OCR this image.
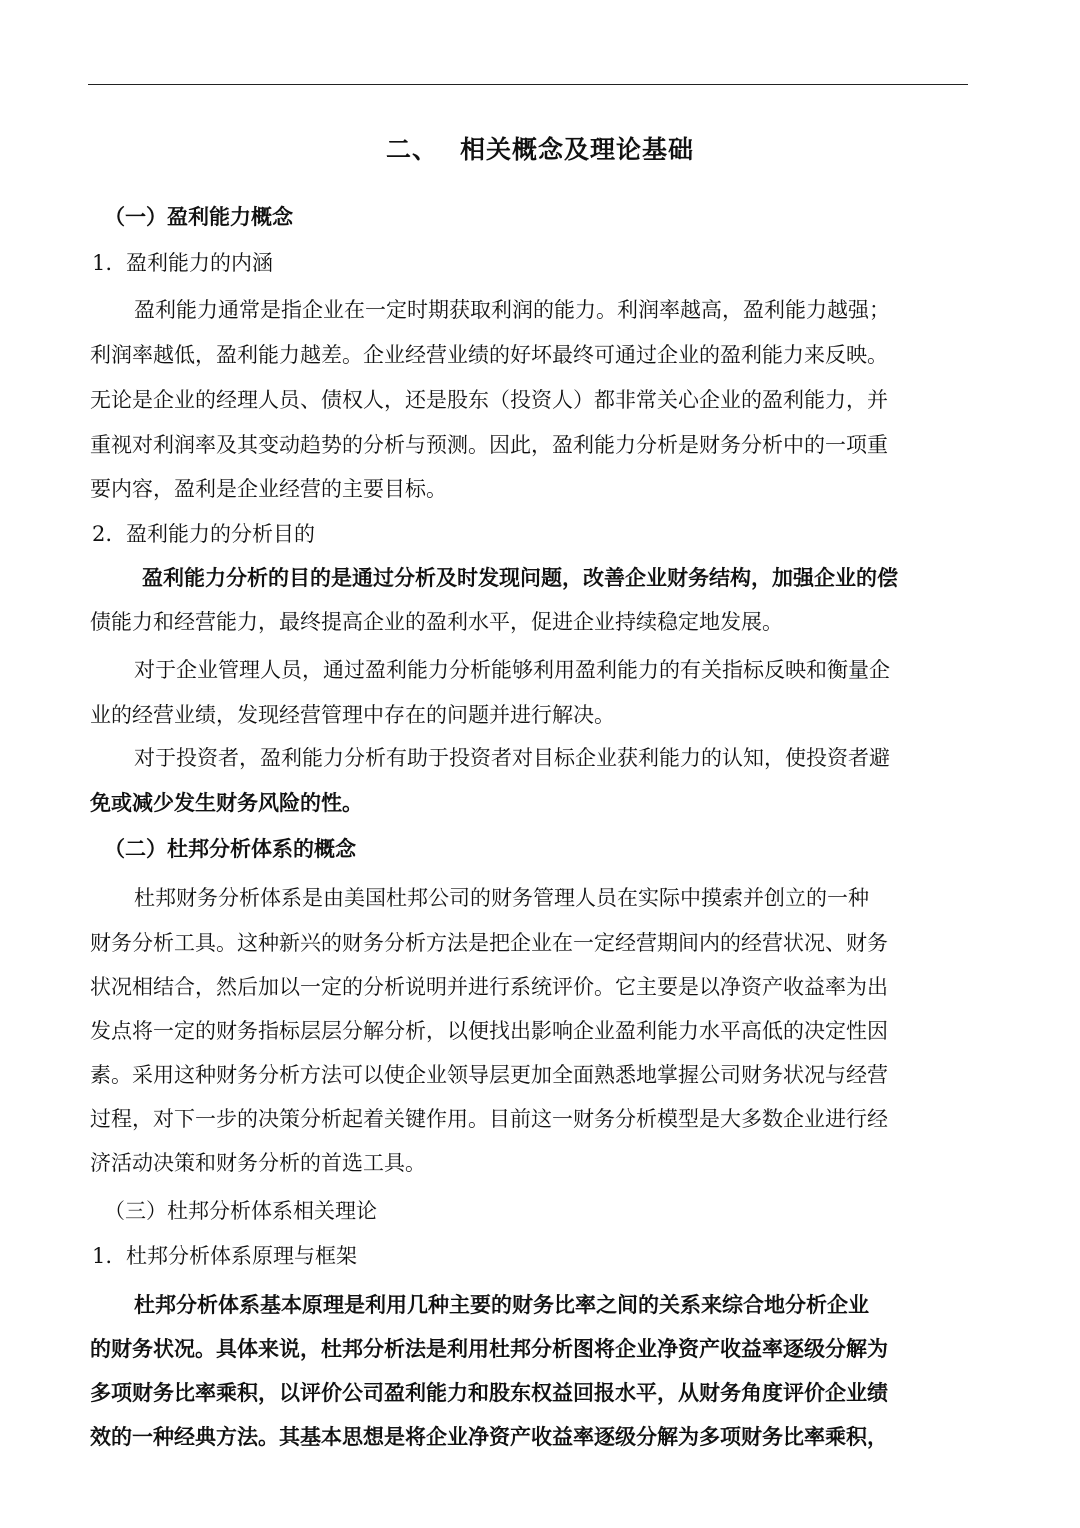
二、 相关概念及理论基础
（一）盈利能力概念
1. 盈利能力的内涵
盈利能力通常是指企业在一定时期获取利润的能力。利润率越高，盈利能力越强；
利润率越低，盈利能力越差。企业经营业绩的好坏最终可通过企业的盈利能力来反映。
无论是企业的经理人员、债权人，还是股东（投资人）都非常关心企业的盈利能力，并
重视对利润率及其变动趋势的分析与预测。因此，盈利能力分析是财务分析中的一项重
要内容，盈利是企业经营的主要目标。
2. 盈利能力的分析目的
盈利能力分析的目的是通过分析及时发现问题，改善企业财务结构，加强企业的偿
债能力和经营能力，最终提高企业的盈利水平，促进企业持续稳定地发展。
对于企业管理人员，通过盈利能力分析能够利用盈利能力的有关指标反映和衡量企
业的经营业绩，发现经营管理中存在的问题并进行解决。
对于投资者，盈利能力分析有助于投资者对目标企业获利能力的认知，使投资者避
免或减少发生财务风险的性。
（二）杜邦分析体系的概念
杜邦财务分析体系是由美国杜邦公司的财务管理人员在实际中摸索并创立的一种
财务分析工具。这种新兴的财务分析方法是把企业在一定经营期间内的经营状况、财务
状况相结合，然后加以一定的分析说明并进行系统评价。它主要是以净资产收益率为出
发点将一定的财务指标层层分解分析，以便找出影响企业盈利能力水平高低的决定性因
素。采用这种财务分析方法可以使企业领导层更加全面熟悉地掌握公司财务状况与经营
过程，对下一步的决策分析起着关键作用。目前这一财务分析模型是大多数企业进行经
济活动决策和财务分析的首选工具。
（三）杜邦分析体系相关理论
1. 杜邦分析体系原理与框架
杜邦分析体系基本原理是利用几种主要的财务比率之间的关系来综合地分析企业
的财务状况。具体来说，杜邦分析法是利用杜邦分析图将企业净资产收益率逐级分解为
多项财务比率乘积，以评价公司盈利能力和股东权益回报水平，从财务角度评价企业绩
效的一种经典方法。其基本思想是将企业净资产收益率逐级分解为多项财务比率乘积，
